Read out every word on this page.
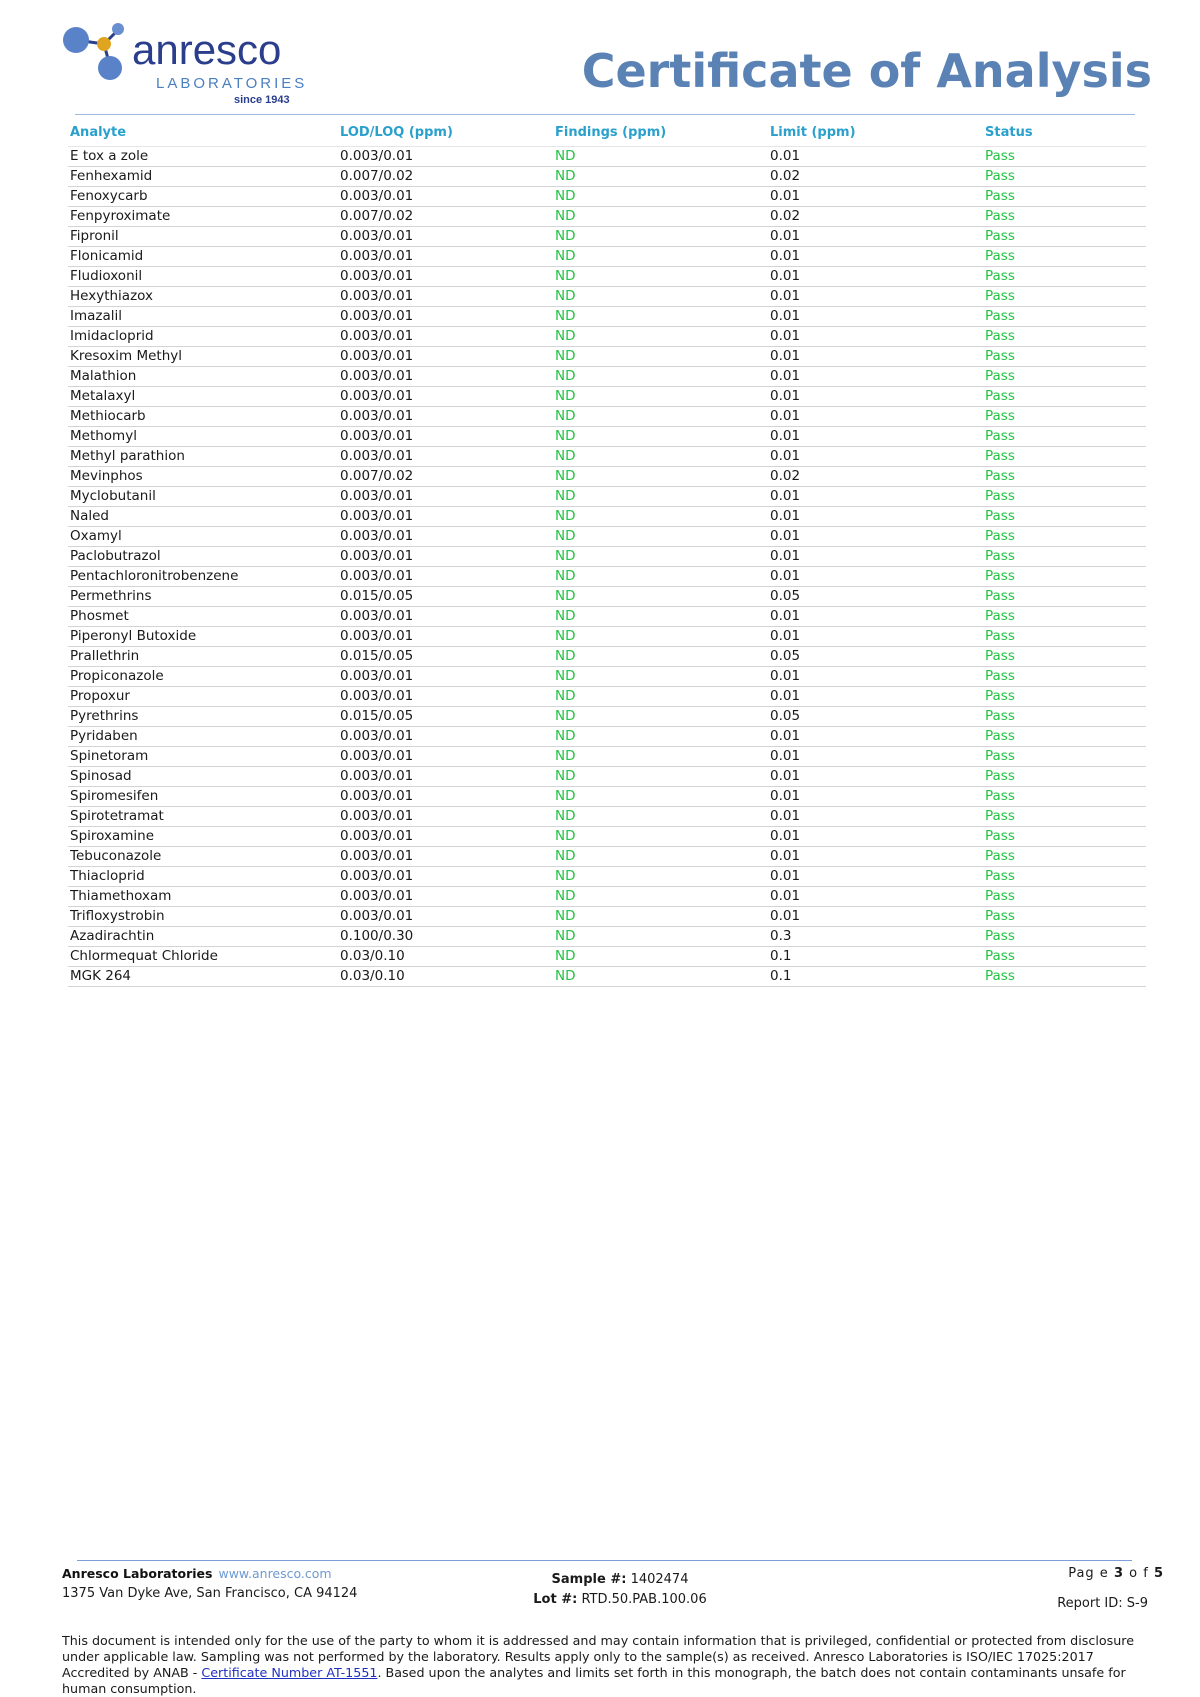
anresco
LABORATORIES
since 1943
Certificate of Analysis
Analyte	LOD/LOQ (ppm)	Findings (ppm)	Limit (ppm)	Status
E tox a zole	0.003/0.01	ND	0.01	Pass
Fenhexamid	0.007/0.02	ND	0.02	Pass
Fenoxycarb	0.003/0.01	ND	0.01	Pass
Fenpyroximate	0.007/0.02	ND	0.02	Pass
Fipronil	0.003/0.01	ND	0.01	Pass
Flonicamid	0.003/0.01	ND	0.01	Pass
Fludioxonil	0.003/0.01	ND	0.01	Pass
Hexythiazox	0.003/0.01	ND	0.01	Pass
Imazalil	0.003/0.01	ND	0.01	Pass
Imidacloprid	0.003/0.01	ND	0.01	Pass
Kresoxim Methyl	0.003/0.01	ND	0.01	Pass
Malathion	0.003/0.01	ND	0.01	Pass
Metalaxyl	0.003/0.01	ND	0.01	Pass
Methiocarb	0.003/0.01	ND	0.01	Pass
Methomyl	0.003/0.01	ND	0.01	Pass
Methyl parathion	0.003/0.01	ND	0.01	Pass
Mevinphos	0.007/0.02	ND	0.02	Pass
Myclobutanil	0.003/0.01	ND	0.01	Pass
Naled	0.003/0.01	ND	0.01	Pass
Oxamyl	0.003/0.01	ND	0.01	Pass
Paclobutrazol	0.003/0.01	ND	0.01	Pass
Pentachloronitrobenzene	0.003/0.01	ND	0.01	Pass
Permethrins	0.015/0.05	ND	0.05	Pass
Phosmet	0.003/0.01	ND	0.01	Pass
Piperonyl Butoxide	0.003/0.01	ND	0.01	Pass
Prallethrin	0.015/0.05	ND	0.05	Pass
Propiconazole	0.003/0.01	ND	0.01	Pass
Propoxur	0.003/0.01	ND	0.01	Pass
Pyrethrins	0.015/0.05	ND	0.05	Pass
Pyridaben	0.003/0.01	ND	0.01	Pass
Spinetoram	0.003/0.01	ND	0.01	Pass
Spinosad	0.003/0.01	ND	0.01	Pass
Spiromesifen	0.003/0.01	ND	0.01	Pass
Spirotetramat	0.003/0.01	ND	0.01	Pass
Spiroxamine	0.003/0.01	ND	0.01	Pass
Tebuconazole	0.003/0.01	ND	0.01	Pass
Thiacloprid	0.003/0.01	ND	0.01	Pass
Thiamethoxam	0.003/0.01	ND	0.01	Pass
Trifloxystrobin	0.003/0.01	ND	0.01	Pass
Azadirachtin	0.100/0.30	ND	0.3	Pass
Chlormequat Chloride	0.03/0.10	ND	0.1	Pass
MGK 264	0.03/0.10	ND	0.1	Pass
Anresco Laboratories www.anresco.com
1375 Van Dyke Ave, San Francisco, CA 94124
Sample #: 1402474
Lot #: RTD.50.PAB.100.06
Pag e 3 o f 5
Report ID: S-9
This document is intended only for the use of the party to whom it is addressed and may contain information that is privileged, confidential or protected from disclosure under applicable law. Sampling was not performed by the laboratory. Results apply only to the sample(s) as received. Anresco Laboratories is ISO/IEC 17025:2017 Accredited by ANAB - Certificate Number AT-1551. Based upon the analytes and limits set forth in this monograph, the batch does not contain contaminants unsafe for human consumption.
